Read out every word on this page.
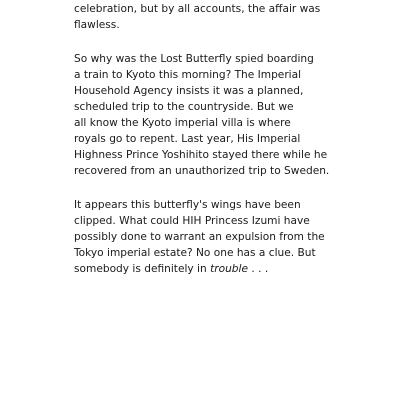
celebration, but by all accounts, the affair was
flawless.
So why was the Lost Butterfly spied boarding
a train to Kyoto this morning? The Imperial
Household Agency insists it was a planned,
scheduled trip to the countryside. But we
all know the Kyoto imperial villa is where
royals go to repent. Last year, His Imperial
Highness Prince Yoshihito stayed there while he
recovered from an unauthorized trip to Sweden.
It appears this butterfly's wings have been
clipped. What could HIH Princess Izumi have
possibly done to warrant an expulsion from the
Tokyo imperial estate? No one has a clue. But
somebody is definitely in trouble . . .
